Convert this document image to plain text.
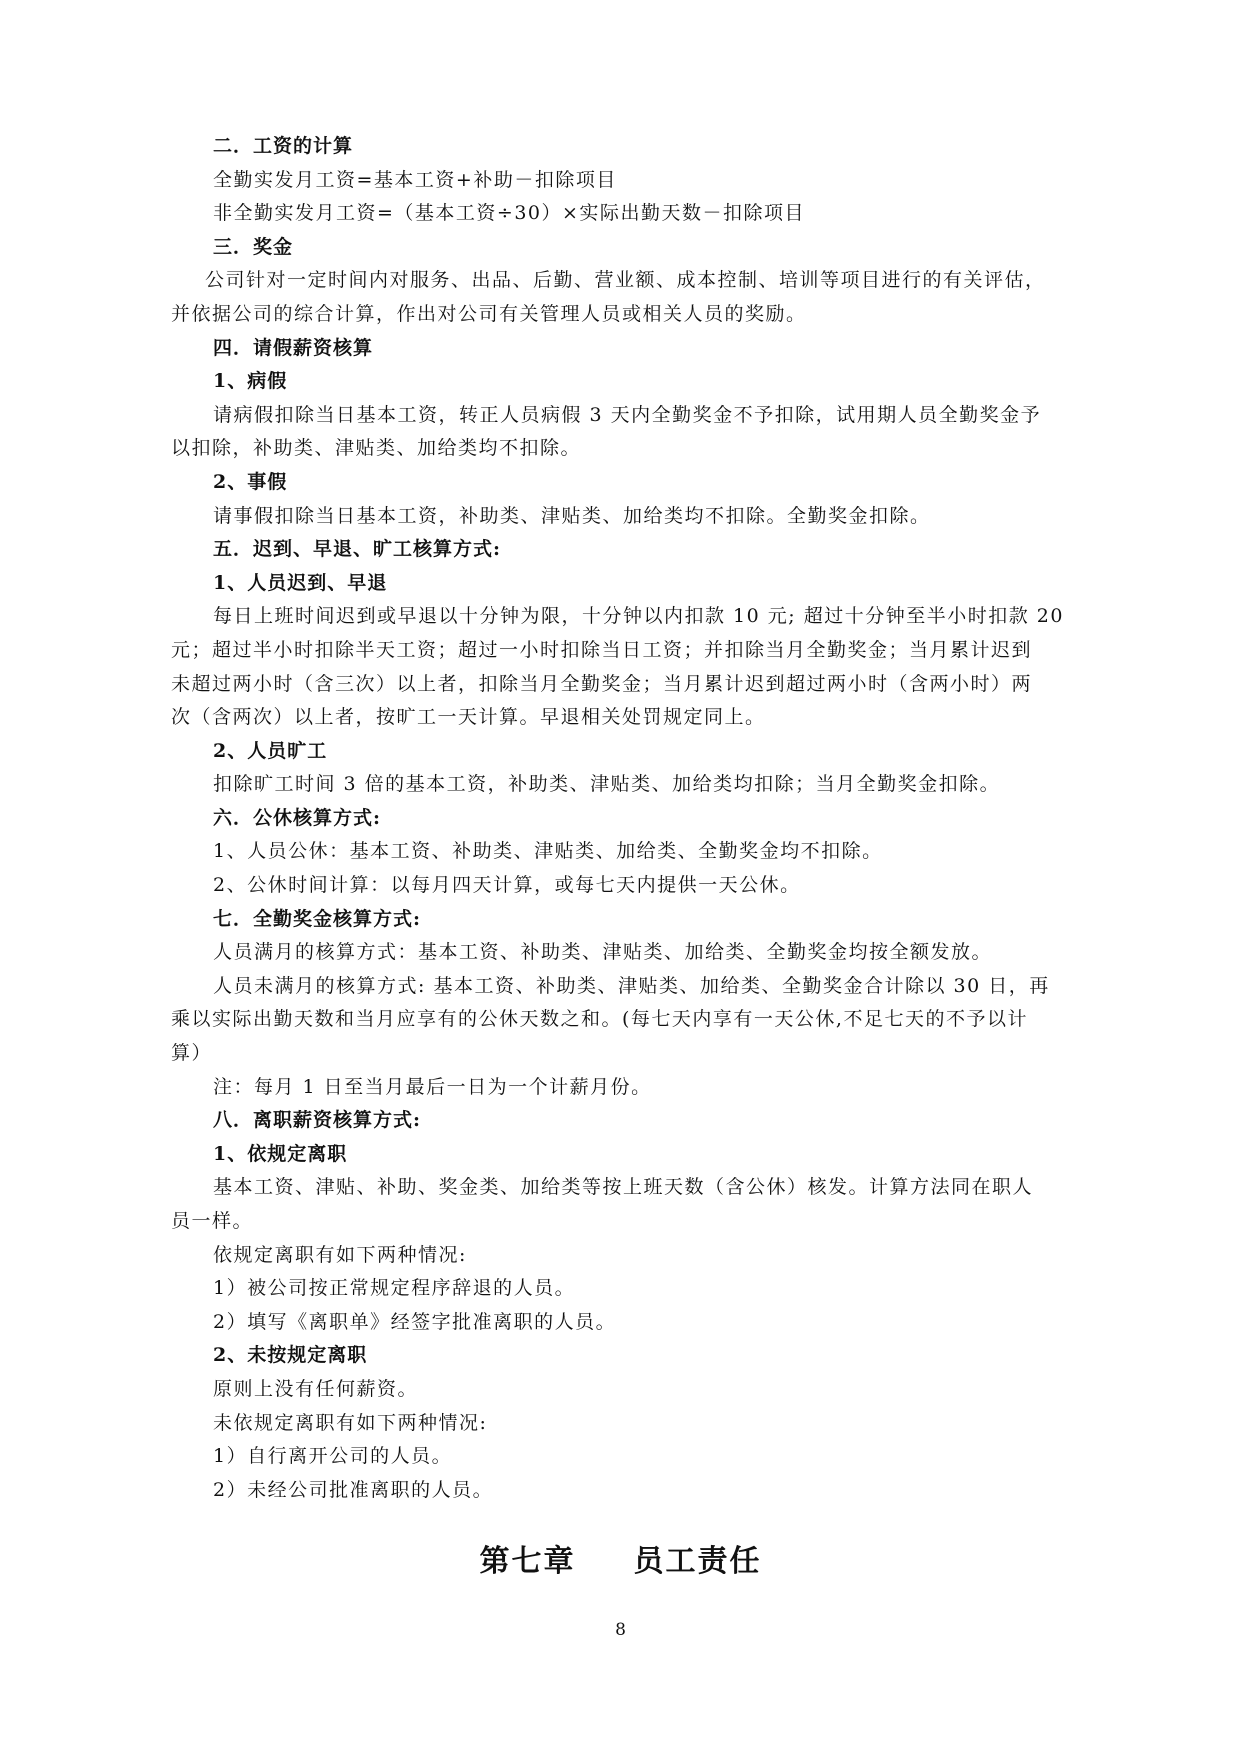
二．工资的计算

全勤实发月工资=基本工资+补助－扣除项目

非全勤实发月工资=（基本工资÷30）×实际出勤天数－扣除项目

三．奖金

公司针对一定时间内对服务、出品、后勤、营业额、成本控制、培训等项目进行的有关评估，

并依据公司的综合计算，作出对公司有关管理人员或相关人员的奖励。

四．请假薪资核算

1、病假

请病假扣除当日基本工资，转正人员病假 3 天内全勤奖金不予扣除，试用期人员全勤奖金予

以扣除，补助类、津贴类、加给类均不扣除。

2、事假

请事假扣除当日基本工资，补助类、津贴类、加给类均不扣除。全勤奖金扣除。

五．迟到、早退、旷工核算方式:

1、人员迟到、早退

每日上班时间迟到或早退以十分钟为限，十分钟以内扣款 10 元; 超过十分钟至半小时扣款 20

元；超过半小时扣除半天工资；超过一小时扣除当日工资；并扣除当月全勤奖金；当月累计迟到

未超过两小时（含三次）以上者，扣除当月全勤奖金；当月累计迟到超过两小时（含两小时）两

次（含两次）以上者，按旷工一天计算。早退相关处罚规定同上。

2、人员旷工

扣除旷工时间 3 倍的基本工资，补助类、津贴类、加给类均扣除；当月全勤奖金扣除。

六．公休核算方式:

1、人员公休：基本工资、补助类、津贴类、加给类、全勤奖金均不扣除。

2、公休时间计算：以每月四天计算，或每七天内提供一天公休。

七．全勤奖金核算方式:

人员满月的核算方式：基本工资、补助类、津贴类、加给类、全勤奖金均按全额发放。

人员未满月的核算方式: 基本工资、补助类、津贴类、加给类、全勤奖金合计除以 30 日，再

乘以实际出勤天数和当月应享有的公休天数之和。(每七天内享有一天公休,不足七天的不予以计

算）

注：每月 1 日至当月最后一日为一个计薪月份。

八．离职薪资核算方式:

1、依规定离职

基本工资、津贴、补助、奖金类、加给类等按上班天数（含公休）核发。计算方法同在职人

员一样。

依规定离职有如下两种情况:

1）被公司按正常规定程序辞退的人员。

2）填写《离职单》经签字批准离职的人员。

2、未按规定离职

原则上没有任何薪资。

未依规定离职有如下两种情况:

1）自行离开公司的人员。

2）未经公司批准离职的人员。

第七章 员工责任
8
